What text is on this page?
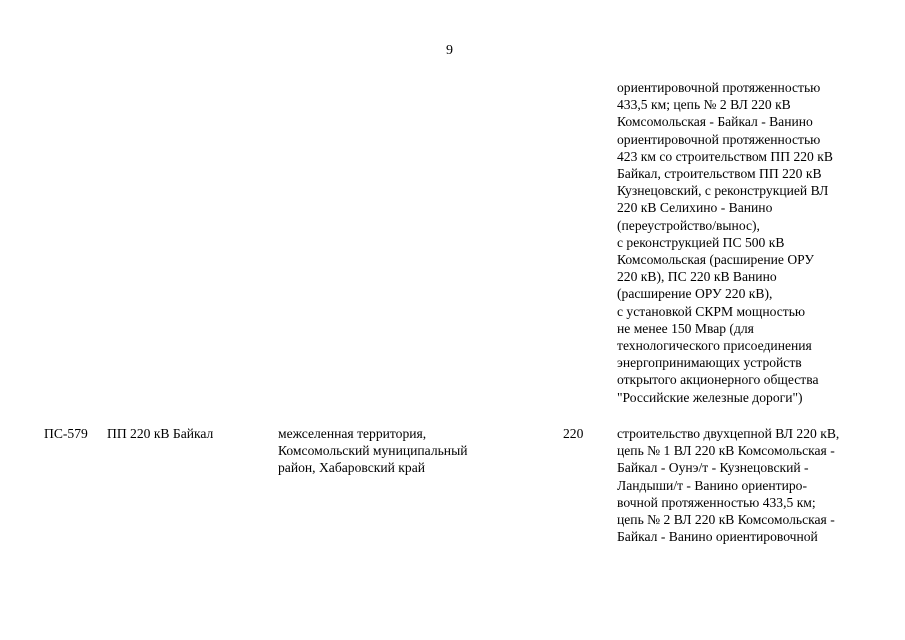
9
ориентировочной протяженностью
433,5 км; цепь № 2 ВЛ 220 кВ
Комсомольская - Байкал - Ванино
ориентировочной протяженностью
423 км со строительством ПП 220 кВ
Байкал, строительством ПП 220 кВ
Кузнецовский, с реконструкцией ВЛ
220 кВ Селихино - Ванино
(переустройство/вынос),
с реконструкцией ПС 500 кВ
Комсомольская (расширение ОРУ
220 кВ), ПС 220 кВ Ванино
(расширение ОРУ 220 кВ),
с установкой СКРМ мощностью
не менее 150 Мвар (для
технологического присоединения
энергопринимающих устройств
открытого акционерного общества
"Российские железные дороги")
ПС-579 ПП 220 кВ Байкал	межселенная территория,
Комсомольский муниципальный
район, Хабаровский край
220 строительство двухцепной ВЛ 220 кВ,
цепь № 1 ВЛ 220 кВ Комсомольская -
Байкал - Оунэ/т - Кузнецовский -
Ландыши/т - Ванино ориентиро-
вочной протяженностью 433,5 км;
цепь № 2 ВЛ 220 кВ Комсомольская -
Байкал - Ванино ориентировочной
